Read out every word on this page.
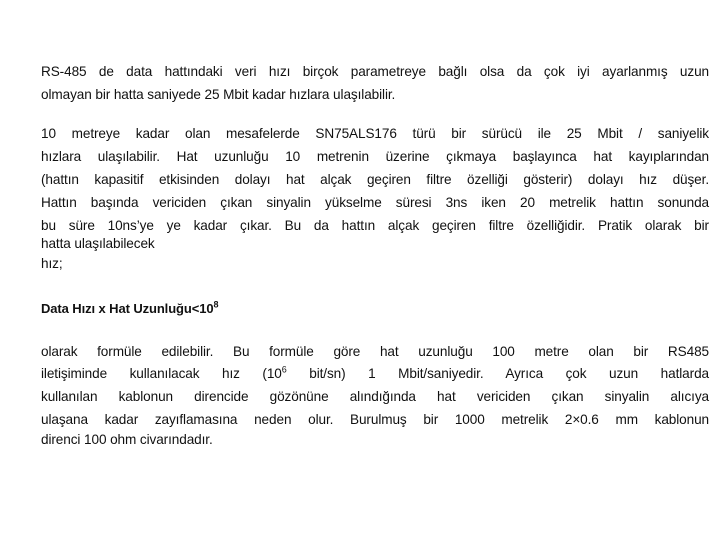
RS-485 de data hattındaki veri hızı birçok parametreye bağlı olsa da çok iyi ayarlanmış uzun
olmayan bir hatta saniyede 25 Mbit kadar hızlara ulaşılabilir.
10 metreye kadar olan mesafelerde SN75ALS176 türü bir sürücü ile 25 Mbit / saniyelik
hızlara ulaşılabilir. Hat uzunluğu 10 metrenin üzerine çıkmaya başlayınca hat kayıplarından
(hattın kapasitif etkisinden dolayı hat alçak geçiren filtre özelliği gösterir) dolayı hız düşer.
Hattın başında vericiden çıkan sinyalin yükselme süresi 3ns iken 20 metrelik hattın sonunda
bu süre 10ns’ye ye kadar çıkar. Bu da hattın alçak geçiren filtre özelliğidir. Pratik olarak bir
hatta ulaşılabilecek
hız;
Data Hızı x Hat $Uzunluğu<10^8$
olarak formüle edilebilir. Bu formüle göre hat uzunluğu 100 metre olan bir RS485
iletişiminde kullanılacak hız ($10^6$ bit/sn) 1 Mbit/saniyedir. Ayrıca çok uzun hatlarda
kullanılan kablonun direncide gözönüne alındığında hat vericiden çıkan sinyalin alıcıya
ulaşana kadar zayıflamasına neden olur. Burulmuş bir 1000 metrelik 2×0.6 mm kablonun
direnci 100 ohm civarındadır.
